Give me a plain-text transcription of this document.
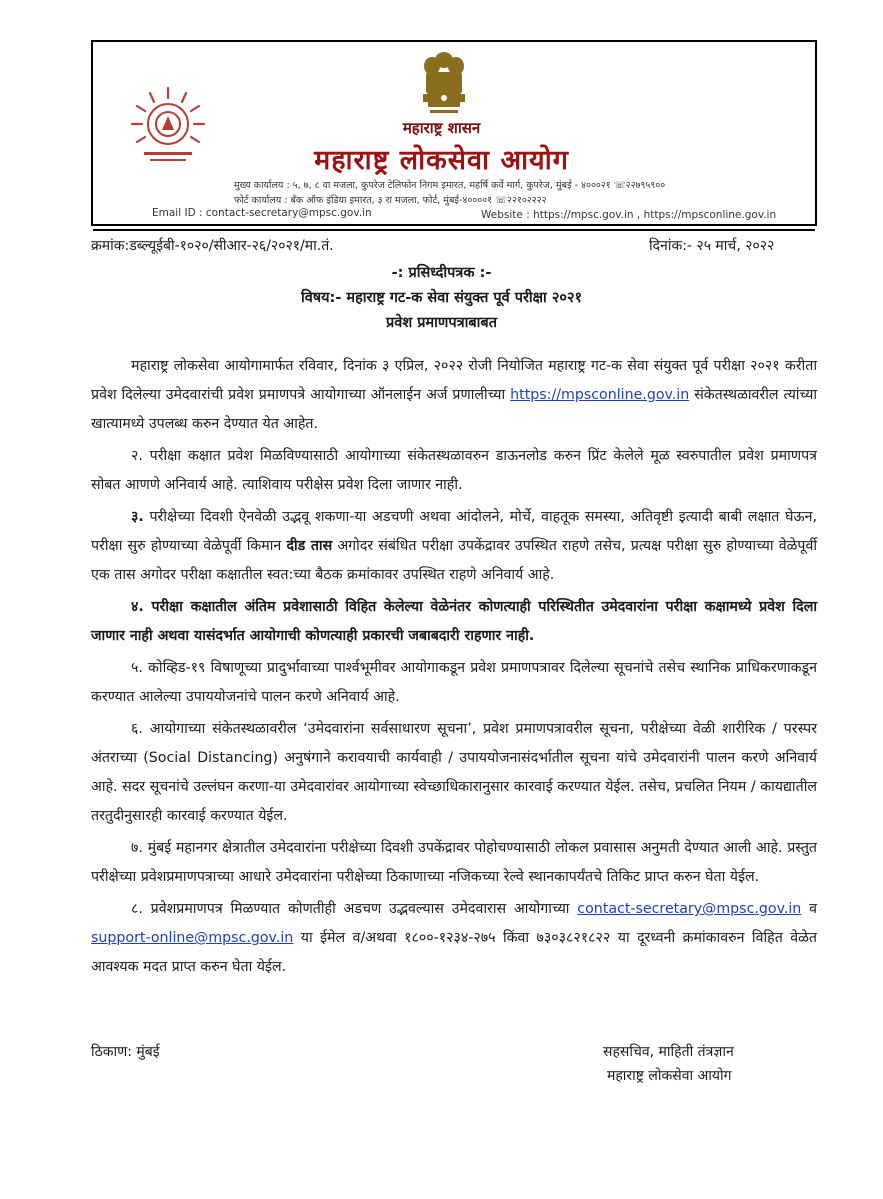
महाराष्ट्र शासन
महाराष्ट्र लोकसेवा आयोग
मुख्य कार्यालय : ५, ७, ८ वा मजला, कुपरेज टेलिफोन निगम इमारत, महर्षि कर्वे मार्ग, कुपरेज, मुंबई - ४०००२१ ☏२२७९५९००
फोर्ट कार्यालय : बँक ऑफ इंडिया इमारत, ३ रा मजला, फोर्ट, मुंबई-४००००१ ☏२२१०२२२२
Email ID : contact-secretary@mpsc.gov.in	Website : https://mpsc.gov.in , https://mpsconline.gov.in
क्रमांक:डब्ल्यूईबी-१०२०/सीआर-२६/२०२१/मा.तं.	दिनांक:- २५ मार्च, २०२२
-: प्रसिध्दीपत्रक :-
विषय:- महाराष्ट्र गट-क सेवा संयुक्त पूर्व परीक्षा २०२१
प्रवेश प्रमाणपत्राबाबत

महाराष्ट्र लोकसेवा आयोगामार्फत रविवार, दिनांक ३ एप्रिल, २०२२ रोजी नियोजित महाराष्ट्र गट-क सेवा संयुक्त पूर्व परीक्षा २०२१ करीता प्रवेश दिलेल्या उमेदवारांची प्रवेश प्रमाणपत्रे आयोगाच्या ऑनलाईन अर्ज प्रणालीच्या https://mpsconline.gov.in संकेतस्थळावरील त्यांच्या खात्यामध्ये उपलब्ध करुन देण्यात येत आहेत.

२. परीक्षा कक्षात प्रवेश मिळविण्यासाठी आयोगाच्या संकेतस्थळावरुन डाऊनलोड करुन प्रिंट केलेले मूळ स्वरुपातील प्रवेश प्रमाणपत्र सोबत आणणे अनिवार्य आहे. त्याशिवाय परीक्षेस प्रवेश दिला जाणार नाही.

३. परीक्षेच्या दिवशी ऐनवेळी उद्भवू शकणा-या अडचणी अथवा आंदोलने, मोर्चे, वाहतूक समस्या, अतिवृष्टी इत्यादी बाबी लक्षात घेऊन, परीक्षा सुरु होण्याच्या वेळेपूर्वी किमान दीड तास अगोदर संबंधित परीक्षा उपकेंद्रावर उपस्थित राहणे तसेच, प्रत्यक्ष परीक्षा सुरु होण्याच्या वेळेपूर्वी एक तास अगोदर परीक्षा कक्षातील स्वत:च्या बैठक क्रमांकावर उपस्थित राहणे अनिवार्य आहे.

४. परीक्षा कक्षातील अंतिम प्रवेशासाठी विहित केलेल्या वेळेनंतर कोणत्याही परिस्थितीत उमेदवारांना परीक्षा कक्षामध्ये प्रवेश दिला जाणार नाही अथवा यासंदर्भात आयोगाची कोणत्याही प्रकारची जबाबदारी राहणार नाही.

५. कोव्हिड-१९ विषाणूच्या प्रादुर्भावाच्या पार्श्वभूमीवर आयोगाकडून प्रवेश प्रमाणपत्रावर दिलेल्या सूचनांचे तसेच स्थानिक प्राधिकरणाकडून करण्यात आलेल्या उपाययोजनांचे पालन करणे अनिवार्य आहे.

६. आयोगाच्या संकेतस्थळावरील ‘उमेदवारांना सर्वसाधारण सूचना’, प्रवेश प्रमाणपत्रावरील सूचना, परीक्षेच्या वेळी शारीरिक / परस्पर अंतराच्या (Social Distancing) अनुषंगाने करावयाची कार्यवाही / उपाययोजनासंदर्भातील सूचना यांचे उमेदवारांनी पालन करणे अनिवार्य आहे. सदर सूचनांचे उल्लंघन करणा-या उमेदवारांवर आयोगाच्या स्वेच्छाधिकारानुसार कारवाई करण्यात येईल. तसेच, प्रचलित नियम / कायद्यातील तरतुदीनुसारही कारवाई करण्यात येईल.

७. मुंबई महानगर क्षेत्रातील उमेदवारांना परीक्षेच्या दिवशी उपकेंद्रावर पोहोचण्यासाठी लोकल प्रवासास अनुमती देण्यात आली आहे. प्रस्तुत परीक्षेच्या प्रवेशप्रमाणपत्राच्या आधारे उमेदवारांना परीक्षेच्या ठिकाणाच्या नजिकच्या रेल्वे स्थानकापर्यंतचे तिकिट प्राप्त करुन घेता येईल.

८. प्रवेशप्रमाणपत्र मिळण्यात कोणतीही अडचण उद्भवल्यास उमेदवारास आयोगाच्या contact-secretary@mpsc.gov.in व support-online@mpsc.gov.in या ईमेल व/अथवा १८००-१२३४-२७५ किंवा ७३०३८२१८२२ या दूरध्वनी क्रमांकावरुन विहित वेळेत आवश्यक मदत प्राप्त करुन घेता येईल.

ठिकाण: मुंबई	सहसचिव, माहिती तंत्रज्ञान
महाराष्ट्र लोकसेवा आयोग
